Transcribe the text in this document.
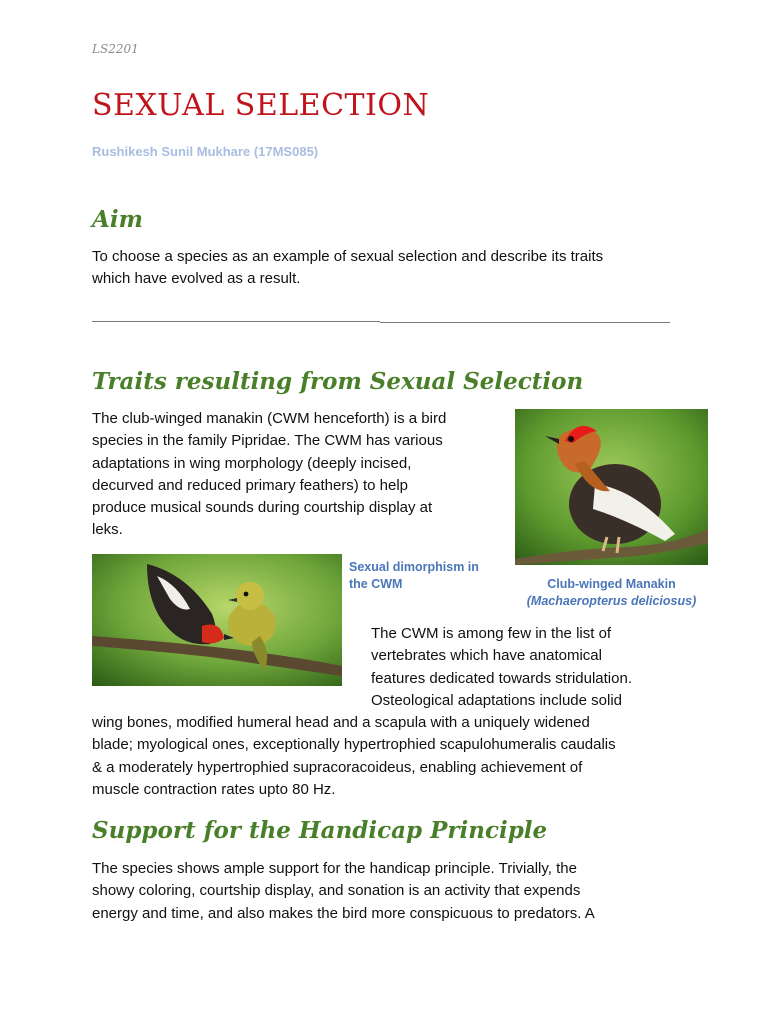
LS2201
SEXUAL SELECTION
Rushikesh Sunil Mukhare (17MS085)
Aim
To choose a species as an example of sexual selection and describe its traits
which have evolved as a result.
Traits resulting from Sexual Selection
The club-winged manakin (CWM henceforth) is a bird
species in the family Pipridae. The CWM has various
adaptations in wing morphology (deeply incised,
decurved and reduced primary feathers) to help
produce musical sounds during courtship display at
leks.
Club-winged Manakin
(Machaeropterus deliciosus)
Sexual dimorphism in
the CWM
The CWM is among few in the list of
vertebrates which have anatomical
features dedicated towards stridulation.
Osteological adaptations include solid
wing bones, modified humeral head and a scapula with a uniquely widened
blade; myological ones, exceptionally hypertrophied scapulohumeralis caudalis
& a moderately hypertrophied supracoracoideus, enabling achievement of
muscle contraction rates upto 80 Hz.
Support for the Handicap Principle
The species shows ample support for the handicap principle. Trivially, the
showy coloring, courtship display, and sonation is an activity that expends
energy and time, and also makes the bird more conspicuous to predators. A
